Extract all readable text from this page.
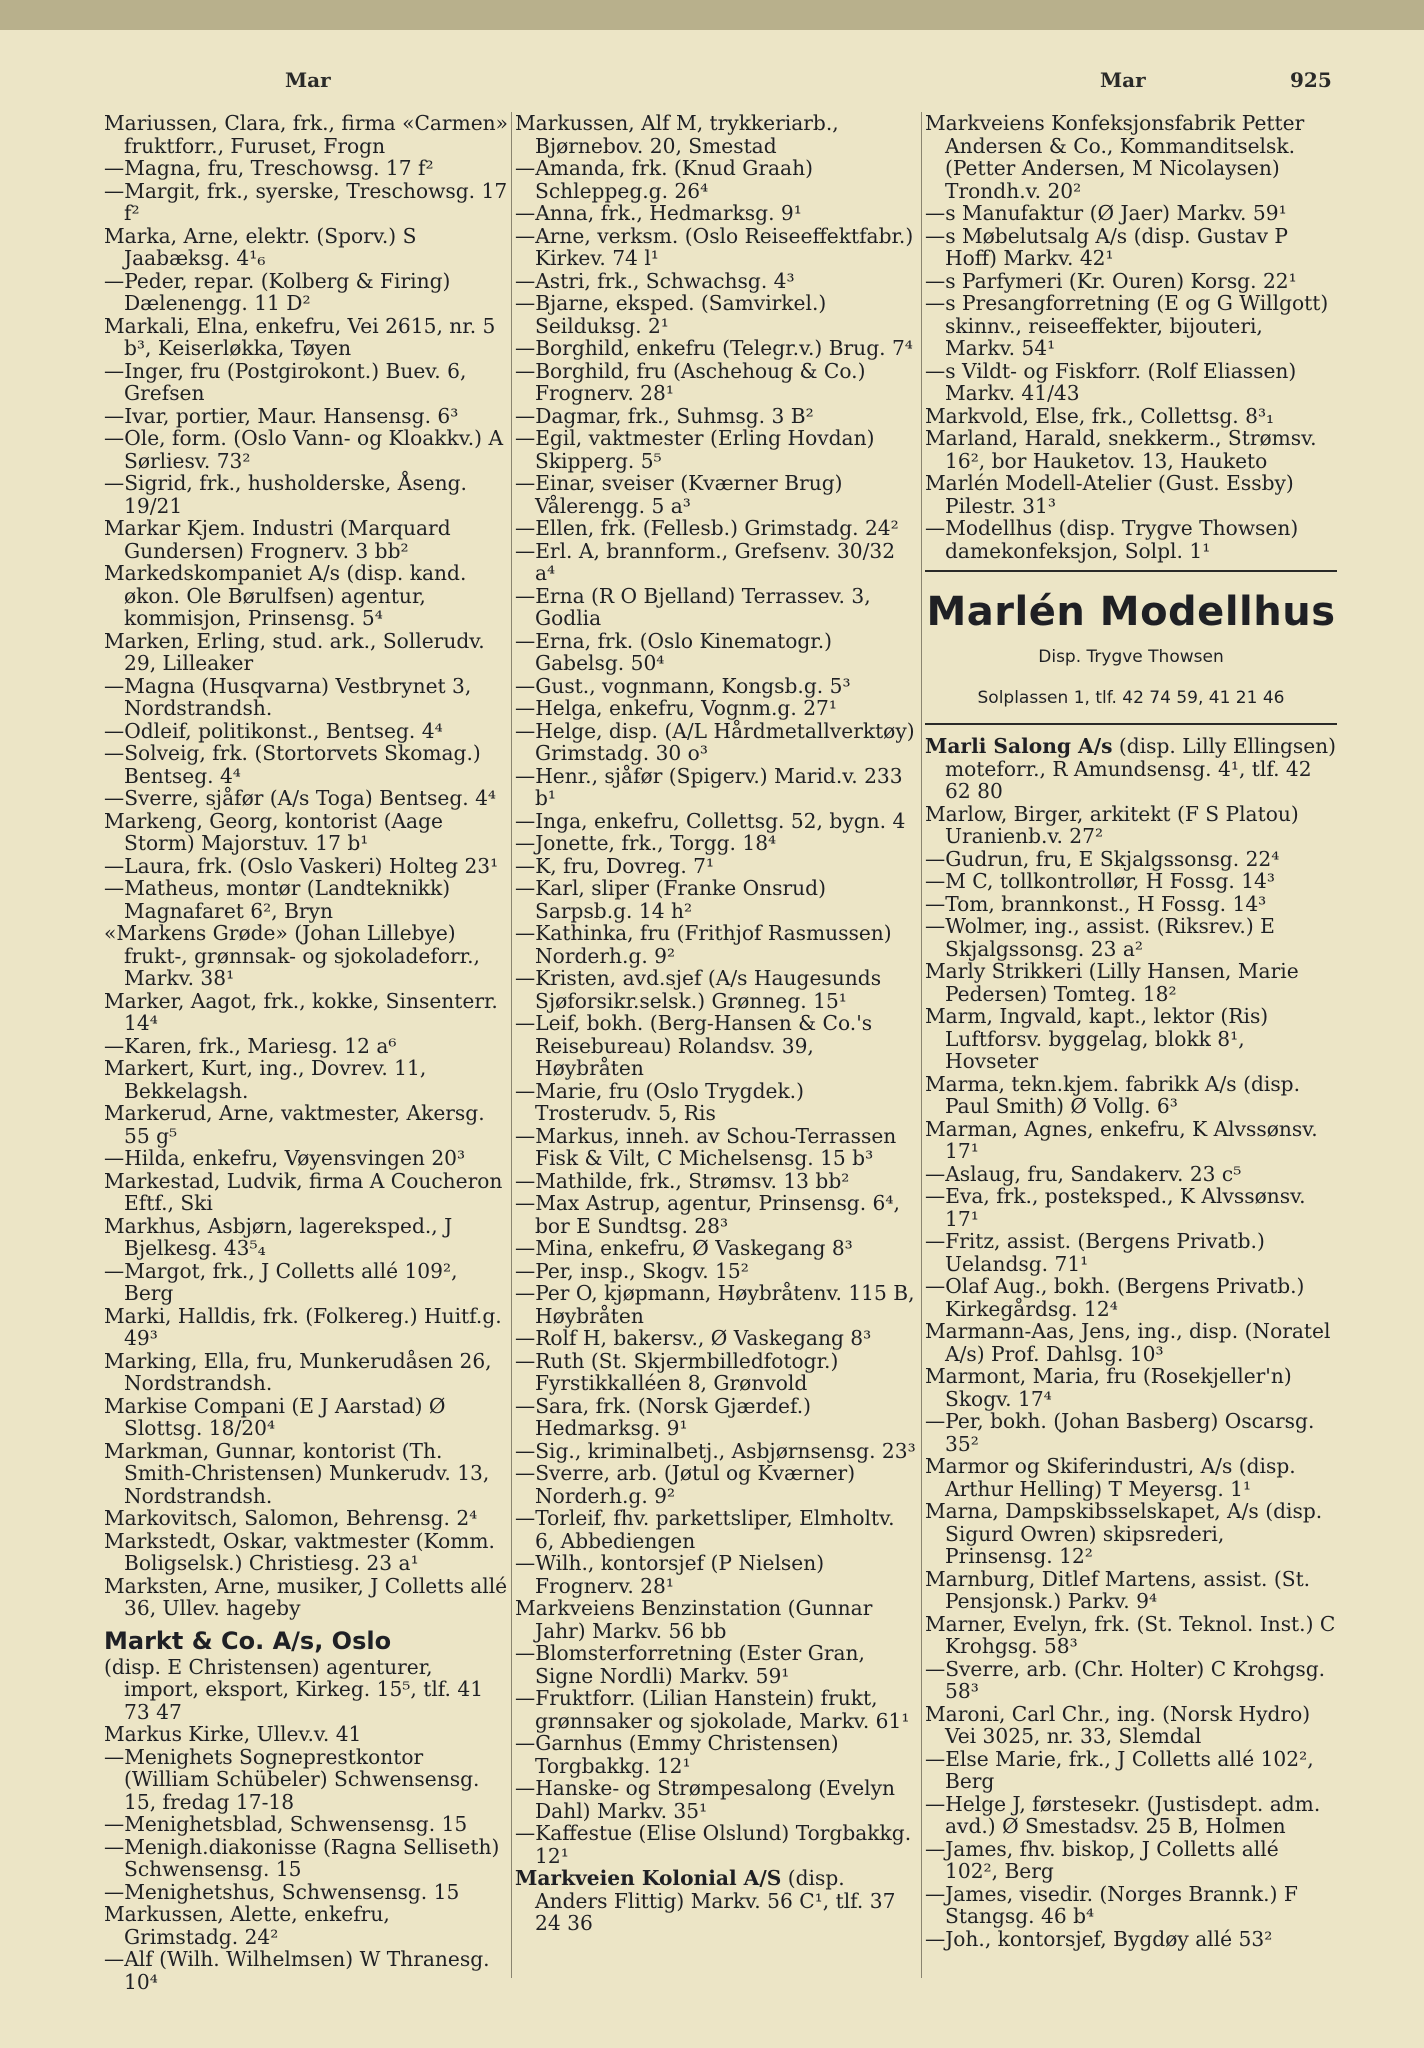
Mar	Mar	925

Mariussen, Clara, frk., firma «Carmen» fruktforr., Furuset, Frogn

—Magna, fru, Treschowsg. 17 f²

—Margit, frk., syerske, Treschowsg. 17 f²

Marka, Arne, elektr. (Sporv.) S Jaabæksg. 4¹₆

—Peder, repar. (Kolberg & Firing) Dælenengg. 11 D²

Markali, Elna, enkefru, Vei 2615, nr. 5 b³, Keiserløkka, Tøyen

—Inger, fru (Postgirokont.) Buev. 6, Grefsen

—Ivar, portier, Maur. Hansensg. 6³

—Ole, form. (Oslo Vann- og Kloakkv.) A Sørliesv. 73²

—Sigrid, frk., husholderske, Åseng. 19/21

Markar Kjem. Industri (Marquard Gundersen) Frognerv. 3 bb²

Markedskompaniet A/s (disp. kand. økon. Ole Børulfsen) agentur, kommisjon, Prinsensg. 5⁴

Marken, Erling, stud. ark., Sollerudv. 29, Lilleaker

—Magna (Husqvarna) Vestbrynet 3, Nordstrandsh.

—Odleif, politikonst., Bentseg. 4⁴

—Solveig, frk. (Stortorvets Skomag.) Bentseg. 4⁴

—Sverre, sjåfør (A/s Toga) Bentseg. 4⁴

Markeng, Georg, kontorist (Aage Storm) Majorstuv. 17 b¹

—Laura, frk. (Oslo Vaskeri) Holteg 23¹

—Matheus, montør (Landteknikk) Magnafaret 6², Bryn

«Markens Grøde» (Johan Lillebye) frukt-, grønnsak- og sjokoladeforr., Markv. 38¹

Marker, Aagot, frk., kokke, Sinsenterr. 14⁴

—Karen, frk., Mariesg. 12 a⁶

Markert, Kurt, ing., Dovrev. 11, Bekkelagsh.

Markerud, Arne, vaktmester, Akersg. 55 g⁵

—Hilda, enkefru, Vøyensvingen 20³

Markestad, Ludvik, firma A Coucheron Eftf., Ski

Markhus, Asbjørn, lagereksped., J Bjelkesg. 43⁵₄

—Margot, frk., J Colletts allé 109², Berg

Marki, Halldis, frk. (Folkereg.) Huitf.g. 49³

Marking, Ella, fru, Munkerudåsen 26, Nordstrandsh.

Markise Compani (E J Aarstad) Ø Slottsg. 18/20⁴

Markman, Gunnar, kontorist (Th. Smith-Christensen) Munkerudv. 13, Nordstrandsh.

Markovitsch, Salomon, Behrensg. 2⁴

Markstedt, Oskar, vaktmester (Komm. Boligselsk.) Christiesg. 23 a¹

Marksten, Arne, musiker, J Colletts allé 36, Ullev. hageby

Markt & Co. A/s, Oslo

(disp. E Christensen) agenturer, import, eksport, Kirkeg. 15⁵, tlf. 41 73 47

Markus Kirke, Ullev.v. 41

—Menighets Sogneprestkontor (William Schübeler) Schwensensg. 15, fredag 17-18

—Menighetsblad, Schwensensg. 15

—Menigh.diakonisse (Ragna Selliseth) Schwensensg. 15

—Menighetshus, Schwensensg. 15

Markussen, Alette, enkefru, Grimstadg. 24²

—Alf (Wilh. Wilhelmsen) W Thranesg. 10⁴

Markussen, Alf M, trykkeriarb., Bjørnebov. 20, Smestad

—Amanda, frk. (Knud Graah) Schleppeg.g. 26⁴

—Anna, frk., Hedmarksg. 9¹

—Arne, verksm. (Oslo Reiseeffektfabr.) Kirkev. 74 l¹

—Astri, frk., Schwachsg. 4³

—Bjarne, eksped. (Samvirkel.) Seilduksg. 2¹

—Borghild, enkefru (Telegr.v.) Brug. 7⁴

—Borghild, fru (Aschehoug & Co.) Frognerv. 28¹

—Dagmar, frk., Suhmsg. 3 B²

—Egil, vaktmester (Erling Hovdan) Skipperg. 5⁵

—Einar, sveiser (Kværner Brug) Vålerengg. 5 a³

—Ellen, frk. (Fellesb.) Grimstadg. 24²

—Erl. A, brannform., Grefsenv. 30/32 a⁴

—Erna (R O Bjelland) Terrassev. 3, Godlia

—Erna, frk. (Oslo Kinematogr.) Gabelsg. 50⁴

—Gust., vognmann, Kongsb.g. 5³

—Helga, enkefru, Vognm.g. 27¹

—Helge, disp. (A/L Hårdmetallverktøy) Grimstadg. 30 o³

—Henr., sjåfør (Spigerv.) Marid.v. 233 b¹

—Inga, enkefru, Collettsg. 52, bygn. 4

—Jonette, frk., Torgg. 18⁴

—K, fru, Dovreg. 7¹

—Karl, sliper (Franke Onsrud) Sarpsb.g. 14 h²

—Kathinka, fru (Frithjof Rasmussen) Norderh.g. 9²

—Kristen, avd.sjef (A/s Haugesunds Sjøforsikr.selsk.) Grønneg. 15¹

—Leif, bokh. (Berg-Hansen & Co.'s Reisebureau) Rolandsv. 39, Høybråten

—Marie, fru (Oslo Trygdek.) Trosterudv. 5, Ris

—Markus, inneh. av Schou-Terrassen Fisk & Vilt, C Michelsensg. 15 b³

—Mathilde, frk., Strømsv. 13 bb²

—Max Astrup, agentur, Prinsensg. 6⁴, bor E Sundtsg. 28³

—Mina, enkefru, Ø Vaskegang 8³

—Per, insp., Skogv. 15²

—Per O, kjøpmann, Høybråtenv. 115 B, Høybråten

—Rolf H, bakersv., Ø Vaskegang 8³

—Ruth (St. Skjermbilledfotogr.) Fyrstikkalléen 8, Grønvold

—Sara, frk. (Norsk Gjærdef.) Hedmarksg. 9¹

—Sig., kriminalbetj., Asbjørnsensg. 23³

—Sverre, arb. (Jøtul og Kværner) Norderh.g. 9²

—Torleif, fhv. parkettsliper, Elmholtv. 6, Abbediengen

—Wilh., kontorsjef (P Nielsen) Frognerv. 28¹

Markveiens Benzinstation (Gunnar Jahr) Markv. 56 bb

—Blomsterforretning (Ester Gran, Signe Nordli) Markv. 59¹

—Fruktforr. (Lilian Hanstein) frukt, grønnsaker og sjokolade, Markv. 61¹

—Garnhus (Emmy Christensen) Torgbakkg. 12¹

—Hanske- og Strømpesalong (Evelyn Dahl) Markv. 35¹

—Kaffestue (Elise Olslund) Torgbakkg. 12¹

Markveien Kolonial A/S (disp. Anders Flittig) Markv. 56 C¹, tlf. 37 24 36

Markveiens Konfeksjonsfabrik Petter Andersen & Co., Kommanditselsk. (Petter Andersen, M Nicolaysen) Trondh.v. 20²

—s Manufaktur (Ø Jaer) Markv. 59¹

—s Møbelutsalg A/s (disp. Gustav P Hoff) Markv. 42¹

—s Parfymeri (Kr. Ouren) Korsg. 22¹

—s Presangforretning (E og G Willgott) skinnv., reiseeffekter, bijouteri, Markv. 54¹

—s Vildt- og Fiskforr. (Rolf Eliassen) Markv. 41/43

Markvold, Else, frk., Collettsg. 8³₁

Marland, Harald, snekkerm., Strømsv. 16², bor Hauketov. 13, Hauketo

Marlén Modell-Atelier (Gust. Essby) Pilestr. 31³

—Modellhus (disp. Trygve Thowsen) damekonfeksjon, Solpl. 1¹

Marlén Modellhus
Disp. Trygve Thowsen
Solplassen 1, tlf. 42 74 59, 41 21 46

Marli Salong A/s (disp. Lilly Ellingsen) moteforr., R Amundsensg. 4¹, tlf. 42 62 80

Marlow, Birger, arkitekt (F S Platou) Uranienb.v. 27²

—Gudrun, fru, E Skjalgssonsg. 22⁴

—M C, tollkontrollør, H Fossg. 14³

—Tom, brannkonst., H Fossg. 14³

—Wolmer, ing., assist. (Riksrev.) E Skjalgssonsg. 23 a²

Marly Strikkeri (Lilly Hansen, Marie Pedersen) Tomteg. 18²

Marm, Ingvald, kapt., lektor (Ris) Luftforsv. byggelag, blokk 8¹, Hovseter

Marma, tekn.kjem. fabrikk A/s (disp. Paul Smith) Ø Vollg. 6³

Marman, Agnes, enkefru, K Alvssønsv. 17¹

—Aslaug, fru, Sandakerv. 23 c⁵

—Eva, frk., posteksped., K Alvssønsv. 17¹

—Fritz, assist. (Bergens Privatb.) Uelandsg. 71¹

—Olaf Aug., bokh. (Bergens Privatb.) Kirkegårdsg. 12⁴

Marmann-Aas, Jens, ing., disp. (Noratel A/s) Prof. Dahlsg. 10³

Marmont, Maria, fru (Rosekjeller'n) Skogv. 17⁴

—Per, bokh. (Johan Basberg) Oscarsg. 35²

Marmor og Skiferindustri, A/s (disp. Arthur Helling) T Meyersg. 1¹

Marna, Dampskibsselskapet, A/s (disp. Sigurd Owren) skipsrederi, Prinsensg. 12²

Marnburg, Ditlef Martens, assist. (St. Pensjonsk.) Parkv. 9⁴

Marner, Evelyn, frk. (St. Teknol. Inst.) C Krohgsg. 58³

—Sverre, arb. (Chr. Holter) C Krohgsg. 58³

Maroni, Carl Chr., ing. (Norsk Hydro) Vei 3025, nr. 33, Slemdal

—Else Marie, frk., J Colletts allé 102², Berg

—Helge J, førstesekr. (Justisdept. adm. avd.) Ø Smestadsv. 25 B, Holmen

—James, fhv. biskop, J Colletts allé 102², Berg

—James, visedir. (Norges Brannk.) F Stangsg. 46 b⁴

—Joh., kontorsjef, Bygdøy allé 53²
